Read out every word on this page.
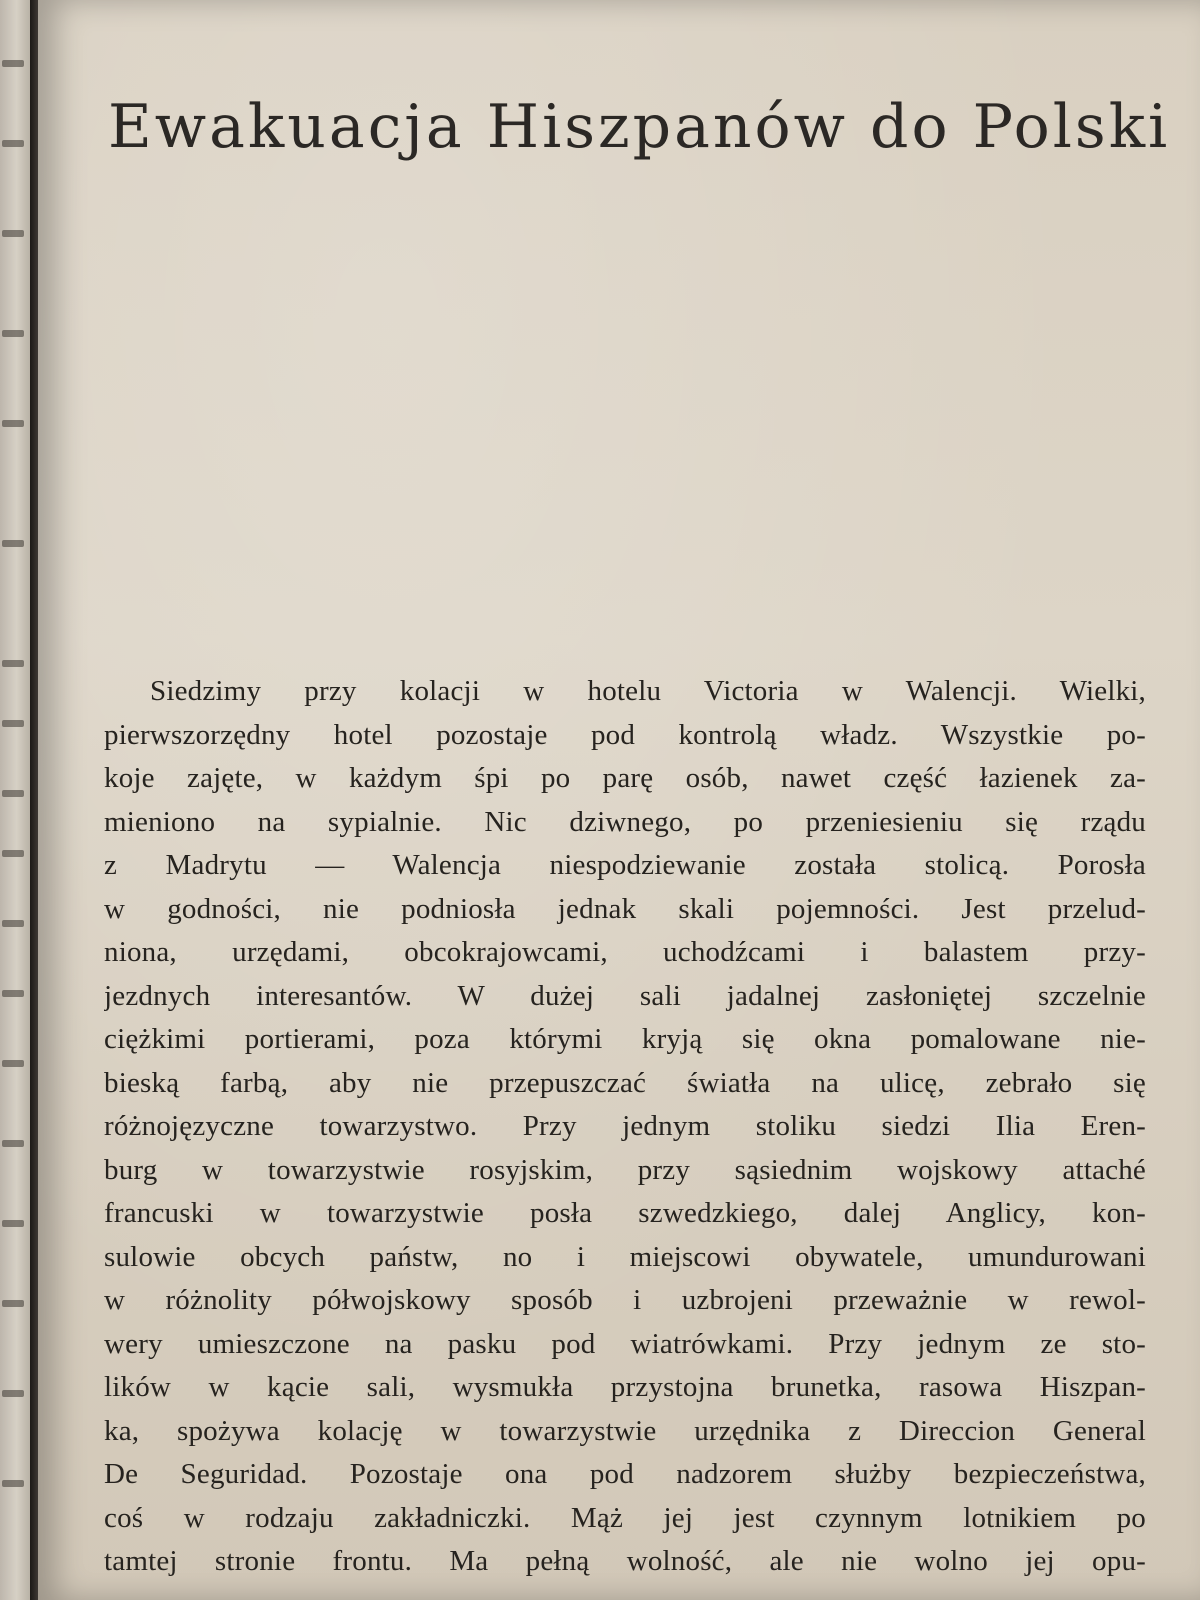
Ewakuacja Hiszpanów do Polski
Siedzimy przy kolacji w hotelu Victoria w Walencji. Wielki,
pierwszorzędny hotel pozostaje pod kontrolą władz. Wszystkie po-
koje zajęte, w każdym śpi po parę osób, nawet część łazienek za-
mieniono na sypialnie. Nic dziwnego, po przeniesieniu się rządu
z Madrytu — Walencja niespodziewanie została stolicą. Porosła
w godności, nie podniosła jednak skali pojemności. Jest przelud-
niona, urzędami, obcokrajowcami, uchodźcami i balastem przy-
jezdnych interesantów. W dużej sali jadalnej zasłoniętej szczelnie
ciężkimi portierami, poza którymi kryją się okna pomalowane nie-
bieską farbą, aby nie przepuszczać światła na ulicę, zebrało się
różnojęzyczne towarzystwo. Przy jednym stoliku siedzi Ilia Eren-
burg w towarzystwie rosyjskim, przy sąsiednim wojskowy attaché
francuski w towarzystwie posła szwedzkiego, dalej Anglicy, kon-
sulowie obcych państw, no i miejscowi obywatele, umundurowani
w różnolity półwojskowy sposób i uzbrojeni przeważnie w rewol-
wery umieszczone na pasku pod wiatrówkami. Przy jednym ze sto-
lików w kącie sali, wysmukła przystojna brunetka, rasowa Hiszpan-
ka, spożywa kolację w towarzystwie urzędnika z Direccion General
De Seguridad. Pozostaje ona pod nadzorem służby bezpieczeństwa,
coś w rodzaju zakładniczki. Mąż jej jest czynnym lotnikiem po
tamtej stronie frontu. Ma pełną wolność, ale nie wolno jej opu-
